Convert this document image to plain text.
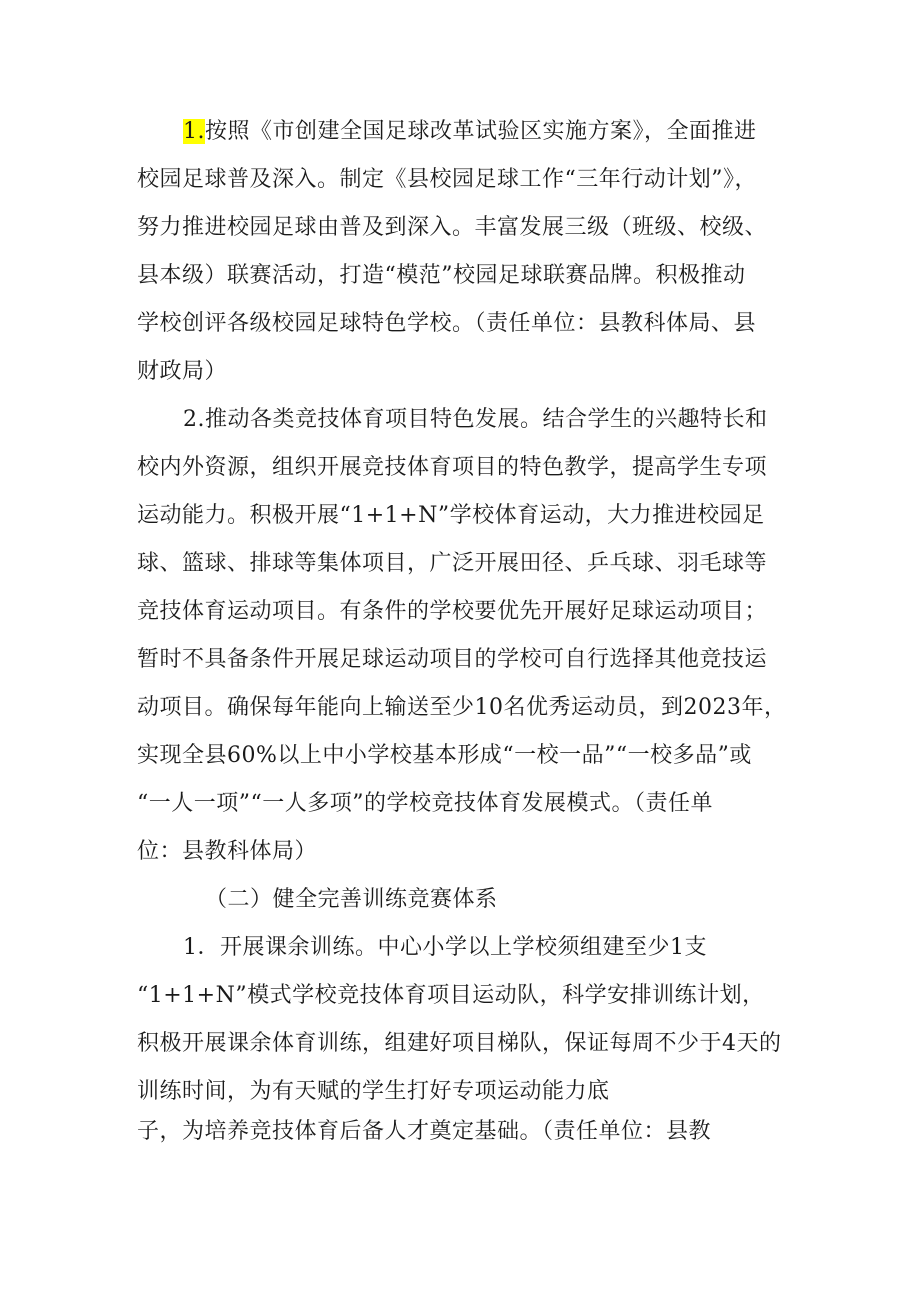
1.按照《市创建全国足球改革试验区实施方案》，全面推进
校园足球普及深入。制定《县校园足球工作“三年行动计划”》，
努力推进校园足球由普及到深入。丰富发展三级（班级、校级、
县本级）联赛活动，打造“模范”校园足球联赛品牌。积极推动
学校创评各级校园足球特色学校。（责任单位：县教科体局、县
财政局）
2.推动各类竞技体育项目特色发展。结合学生的兴趣特长和
校内外资源，组织开展竞技体育项目的特色教学，提高学生专项
运动能力。积极开展“1+1+N”学校体育运动，大力推进校园足
球、篮球、排球等集体项目，广泛开展田径、乒乓球、羽毛球等
竞技体育运动项目。有条件的学校要优先开展好足球运动项目；
暂时不具备条件开展足球运动项目的学校可自行选择其他竞技运
动项目。确保每年能向上输送至少10名优秀运动员，到2023年，
实现全县60%以上中小学校基本形成“一校一品”“一校多品”或
“一人一项”“一人多项”的学校竞技体育发展模式。（责任单
位：县教科体局）
（二）健全完善训练竞赛体系
1．开展课余训练。中心小学以上学校须组建至少1支
“1+1+N”模式学校竞技体育项目运动队，科学安排训练计划，
积极开展课余体育训练，组建好项目梯队，保证每周不少于4天的
训练时间，为有天赋的学生打好专项运动能力底
子，为培养竞技体育后备人才奠定基础。（责任单位：县教
